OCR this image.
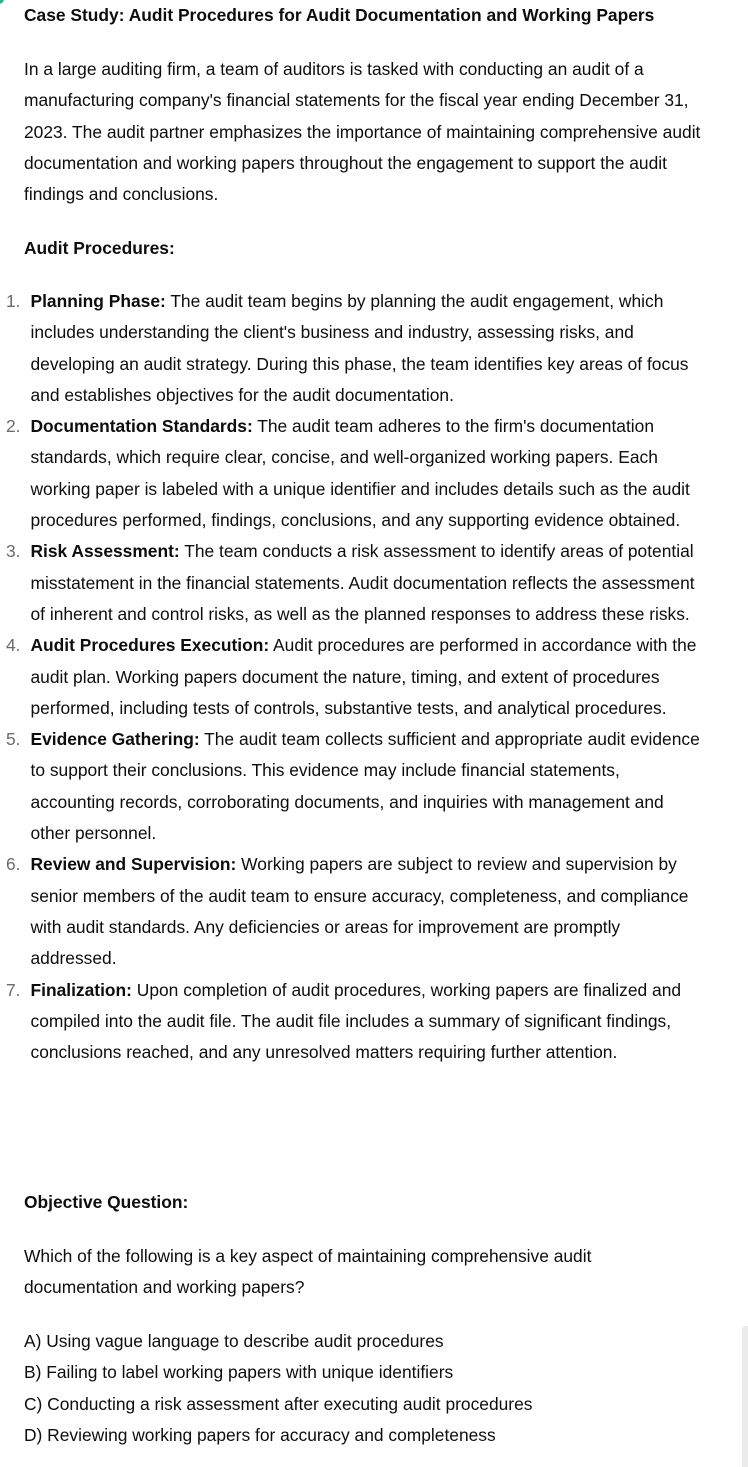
Case Study: Audit Procedures for Audit Documentation and Working Papers

In a large auditing firm, a team of auditors is tasked with conducting an audit of a manufacturing company's financial statements for the fiscal year ending December 31, 2023. The audit partner emphasizes the importance of maintaining comprehensive audit documentation and working papers throughout the engagement to support the audit findings and conclusions.

Audit Procedures:

1. Planning Phase: The audit team begins by planning the audit engagement, which includes understanding the client's business and industry, assessing risks, and developing an audit strategy. During this phase, the team identifies key areas of focus and establishes objectives for the audit documentation.
2. Documentation Standards: The audit team adheres to the firm's documentation standards, which require clear, concise, and well-organized working papers. Each working paper is labeled with a unique identifier and includes details such as the audit procedures performed, findings, conclusions, and any supporting evidence obtained.
3. Risk Assessment: The team conducts a risk assessment to identify areas of potential misstatement in the financial statements. Audit documentation reflects the assessment of inherent and control risks, as well as the planned responses to address these risks.
4. Audit Procedures Execution: Audit procedures are performed in accordance with the audit plan. Working papers document the nature, timing, and extent of procedures performed, including tests of controls, substantive tests, and analytical procedures.
5. Evidence Gathering: The audit team collects sufficient and appropriate audit evidence to support their conclusions. This evidence may include financial statements, accounting records, corroborating documents, and inquiries with management and other personnel.
6. Review and Supervision: Working papers are subject to review and supervision by senior members of the audit team to ensure accuracy, completeness, and compliance with audit standards. Any deficiencies or areas for improvement are promptly addressed.
7. Finalization: Upon completion of audit procedures, working papers are finalized and compiled into the audit file. The audit file includes a summary of significant findings, conclusions reached, and any unresolved matters requiring further attention.

Objective Question:

Which of the following is a key aspect of maintaining comprehensive audit documentation and working papers?

A) Using vague language to describe audit procedures
B) Failing to label working papers with unique identifiers
C) Conducting a risk assessment after executing audit procedures
D) Reviewing working papers for accuracy and completeness
